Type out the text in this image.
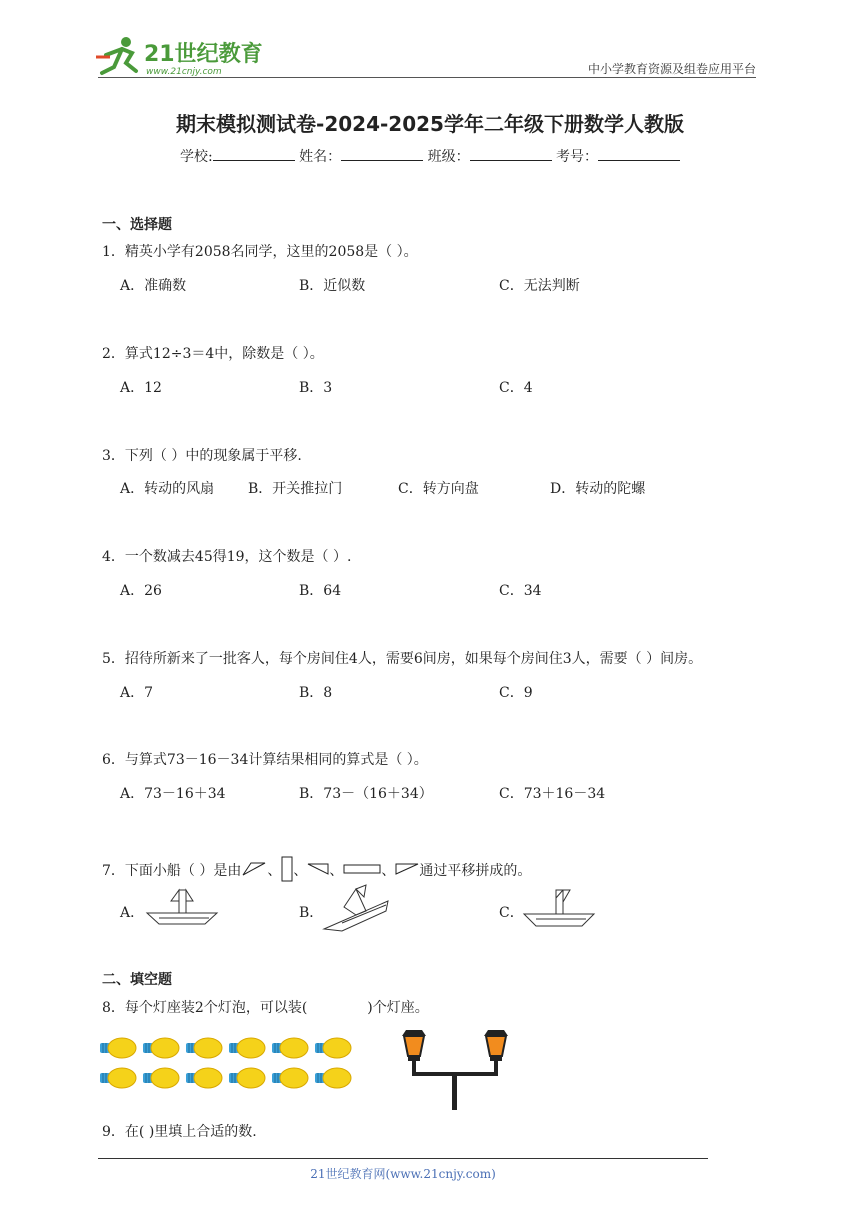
21世纪教育
www.21cnjy.com	中小学教育资源及组卷应用平台
期末模拟测试卷-2024-2025学年二年级下册数学人教版
学校:	姓名：	班级：	考号：
一、选择题
1．精英小学有2058名同学，这里的2058是（ ）。
A．准确数	B．近似数	C．无法判断
2．算式12÷3＝4中，除数是（ ）。
A．12	B．3	C．4
3．下列（ ）中的现象属于平移.
A．转动的风扇 B．开关推拉门	C．转方向盘	D．转动的陀螺
4．一个数减去45得19，这个数是（ ）.
A．26	B．64	C．34
5．招待所新来了一批客人，每个房间住4人，需要6间房，如果每个房间住3人，需要（ ）间房。
A．7	B．8	C．9
6．与算式73－16－34计算结果相同的算式是（ ）。
A．73－16＋34	B．73－（16＋34）	C．73＋16－34
7．下面小船（ ）是由 、 、 、	、 通过平移拼成的。
A．	B．	C．
二、填空题
8．每个灯座装2个灯泡，可以装(	)个灯座。
9．在( )里填上合适的数.
21世纪教育网(www.21cnjy.com)
